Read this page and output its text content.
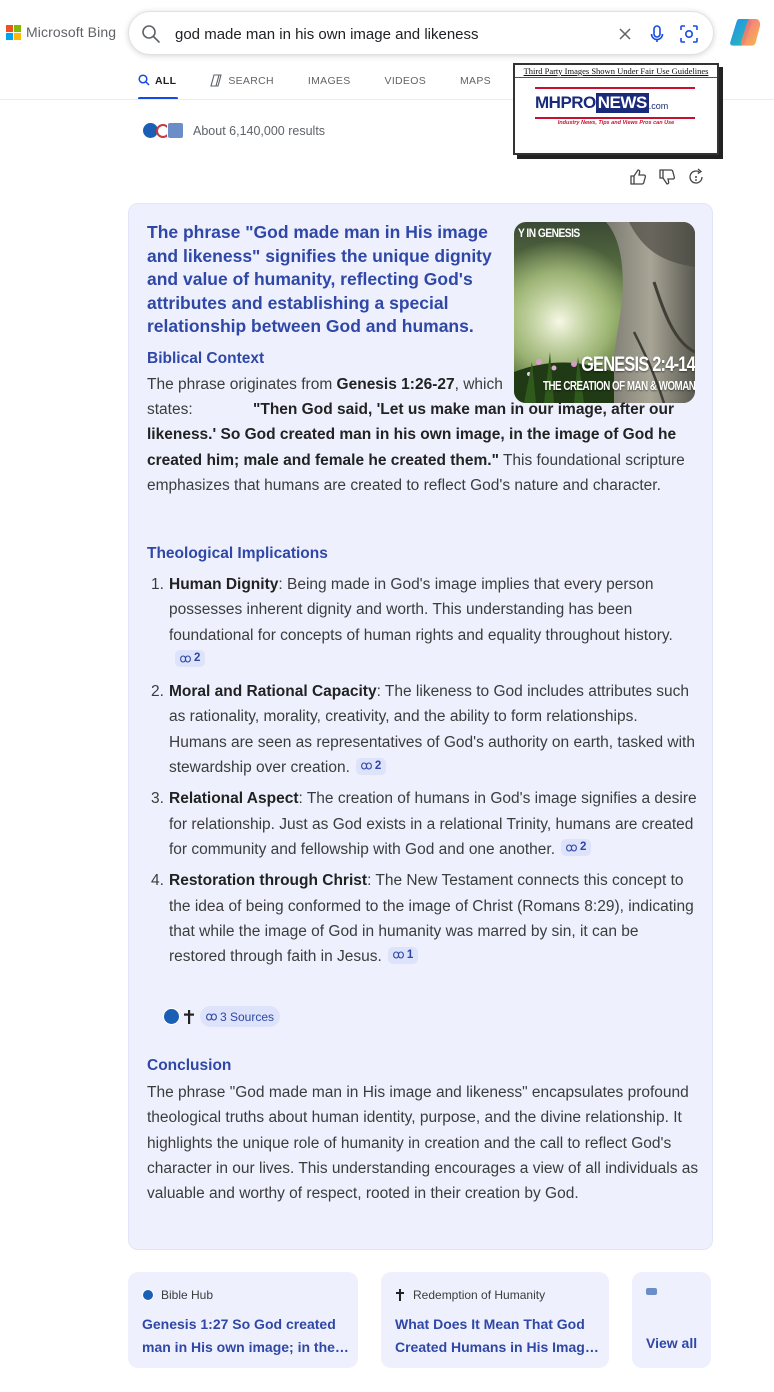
Microsoft Bing
god made man in his own image and likeness
ALL	SEARCH	IMAGES	VIDEOS	MAPS
About 6,140,000 results
Third Party Images Shown Under Fair Use Guidelines
MHPRO NEWS .com
Industry News, Tips and Views Pros can Use
The phrase "God made man in His image and likeness" signifies the unique dignity and value of humanity, reflecting God's attributes and establishing a special relationship between God and humans.
Y IN GENESIS
GENESIS 2:4-14
THE CREATION OF MAN & WOMAN
Biblical Context

The phrase originates from Genesis 1:26-27, which states:	"Then God said, 'Let us make man in our image, after our likeness.' So God created man in his own image, in the image of God he created him; male and female he created them." This foundational scripture emphasizes that humans are created to reflect God's nature and character.

Theological Implications
1. Human Dignity: Being made in God's image implies that every person possesses inherent dignity and worth. This understanding has been foundational for concepts of human rights and equality throughout history.
2
2. Moral and Rational Capacity: The likeness to God includes attributes such as rationality, morality, creativity, and the ability to form relationships. Humans are seen as representatives of God's authority on earth, tasked with stewardship over creation. 2
3. Relational Aspect: The creation of humans in God's image signifies a desire for relationship. Just as God exists in a relational Trinity, humans are created for community and fellowship with God and one another. 2
4. Restoration through Christ: The New Testament connects this concept to the idea of being conformed to the image of Christ (Romans 8:29), indicating that while the image of God in humanity was marred by sin, it can be restored through faith in Jesus. 1
3 Sources
Conclusion

The phrase "God made man in His image and likeness" encapsulates profound theological truths about human identity, purpose, and the divine relationship. It highlights the unique role of humanity in creation and the call to reflect God's character in our lives. This understanding encourages a view of all individuals as valuable and worthy of respect, rooted in their creation by God.

Bible Hub
Genesis 1:27 So God created
man in His own image; in the…
Redemption of Humanity
What Does It Mean That God
Created Humans in His Imag…	View all
